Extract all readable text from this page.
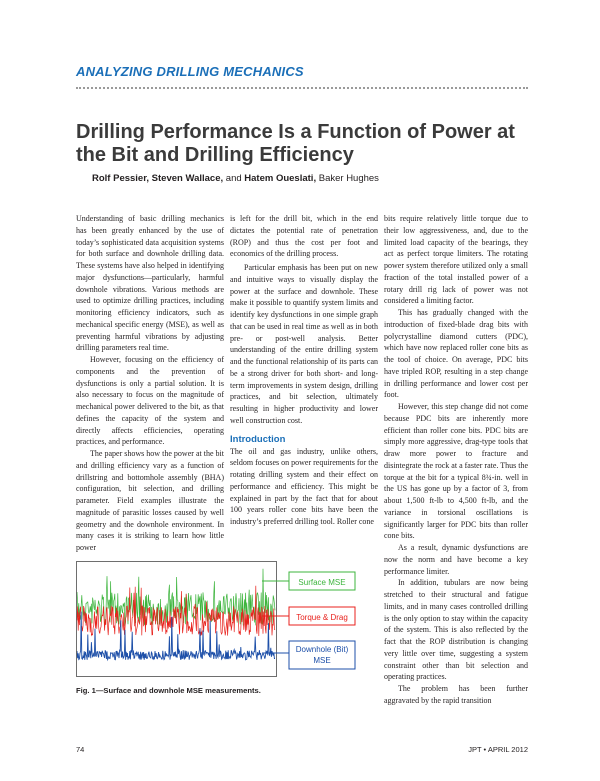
ANALYZING DRILLING MECHANICS
Drilling Performance Is a Function of Power at the Bit and Drilling Efficiency
Rolf Pessier, Steven Wallace, and Hatem Oueslati, Baker Hughes

Understanding of basic drilling mechanics has been greatly enhanced by the use of today’s sophisticated data acquisition systems for both surface and downhole drilling data. These systems have also helped in identifying major dysfunctions—particularly, harmful downhole vibrations. Various methods are used to optimize drilling practices, including monitoring efficiency indicators, such as mechanical specific energy (MSE), as well as preventing harmful vibrations by adjusting drilling parameters real time.

However, focusing on the efficiency of components and the prevention of dysfunctions is only a partial solution. It is also necessary to focus on the magnitude of mechanical power delivered to the bit, as that defines the capacity of the system and directly affects efficiencies, operating practices, and performance.

The paper shows how the power at the bit and drilling efficiency vary as a function of drillstring and bottomhole assembly (BHA) configuration, bit selection, and drilling parameter. Field examples illustrate the magnitude of parasitic losses caused by well geometry and the downhole environment. In many cases it is striking to learn how little power

is left for the drill bit, which in the end dictates the potential rate of penetration (ROP) and thus the cost per foot and economics of the drilling process.

Particular emphasis has been put on new and intuitive ways to visually display the power at the surface and downhole. These make it possible to quantify system limits and identify key dysfunctions in one simple graph that can be used in real time as well as in both pre- or post-well analysis. Better understanding of the entire drilling system and the functional relationship of its parts can be a strong driver for both short- and long-term improvements in system design, drilling practices, and bit selection, ultimately resulting in higher productivity and lower well construction cost.

Introduction

The oil and gas industry, unlike others, seldom focuses on power requirements for the rotating drilling system and their effect on performance and efficiency. This might be explained in part by the fact that for about 100 years roller cone bits have been the industry’s preferred drilling tool. Roller cone

bits require relatively little torque due to their low aggressiveness, and, due to the limited load capacity of the bearings, they act as perfect torque limiters. The rotating power system therefore utilized only a small fraction of the total installed power of a rotary drill rig lack of power was not considered a limiting factor.

This has gradually changed with the introduction of fixed-blade drag bits with polycrystalline diamond cutters (PDC), which have now replaced roller cone bits as the tool of choice. On average, PDC bits have tripled ROP, resulting in a step change in drilling performance and lower cost per foot.

However, this step change did not come because PDC bits are inherently more efficient than roller cone bits. PDC bits are simply more aggressive, drag-type tools that draw more power to fracture and disintegrate the rock at a faster rate. Thus the torque at the bit for a typical 8¾-in. well in the US has gone up by a factor of 3, from about 1,500 ft-lb to 4,500 ft-lb, and the variance in torsional oscillations is significantly larger for PDC bits than roller cone bits.

As a result, dynamic dysfunctions are now the norm and have become a key performance limiter.

In addition, tubulars are now being stretched to their structural and fatigue limits, and in many cases controlled drilling is the only option to stay within the capacity of the system. This is also reflected by the fact that the ROP distribution is changing very little over time, suggesting a system constraint other than bit selection and operating practices.

The problem has been further aggravated by the rapid transition

Surface MSE
Torque & Drag
Downhole (Bit)
MSE
Fig. 1—Surface and downhole MSE measurements.
74	JPT • APRIL 2012
